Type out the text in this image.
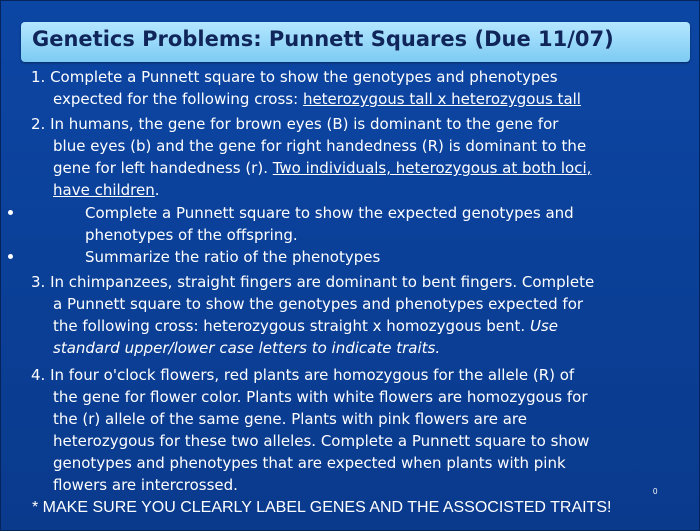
Genetics Problems: Punnett Squares (Due 11/07)
1. Complete a Punnett square to show the genotypes and phenotypes
expected for the following cross: heterozygous tall x heterozygous tall
2. In humans, the gene for brown eyes (B) is dominant to the gene for
blue eyes (b) and the gene for right handedness (R) is dominant to the
gene for left handedness (r). Two individuals, heterozygous at both loci,
have children.
Complete a Punnett square to show the expected genotypes and
phenotypes of the offspring.
Summarize the ratio of the phenotypes
3. In chimpanzees, straight fingers are dominant to bent fingers. Complete
a Punnett square to show the genotypes and phenotypes expected for
the following cross: heterozygous straight x homozygous bent. Use
standard upper/lower case letters to indicate traits.
4. In four o'clock flowers, red plants are homozygous for the allele (R) of
the gene for flower color. Plants with white flowers are homozygous for
the (r) allele of the same gene. Plants with pink flowers are are
heterozygous for these two alleles. Complete a Punnett square to show
genotypes and phenotypes that are expected when plants with pink
flowers are intercrossed.	0
* MAKE SURE YOU CLEARLY LABEL GENES AND THE ASSOCISTED TRAITS!
